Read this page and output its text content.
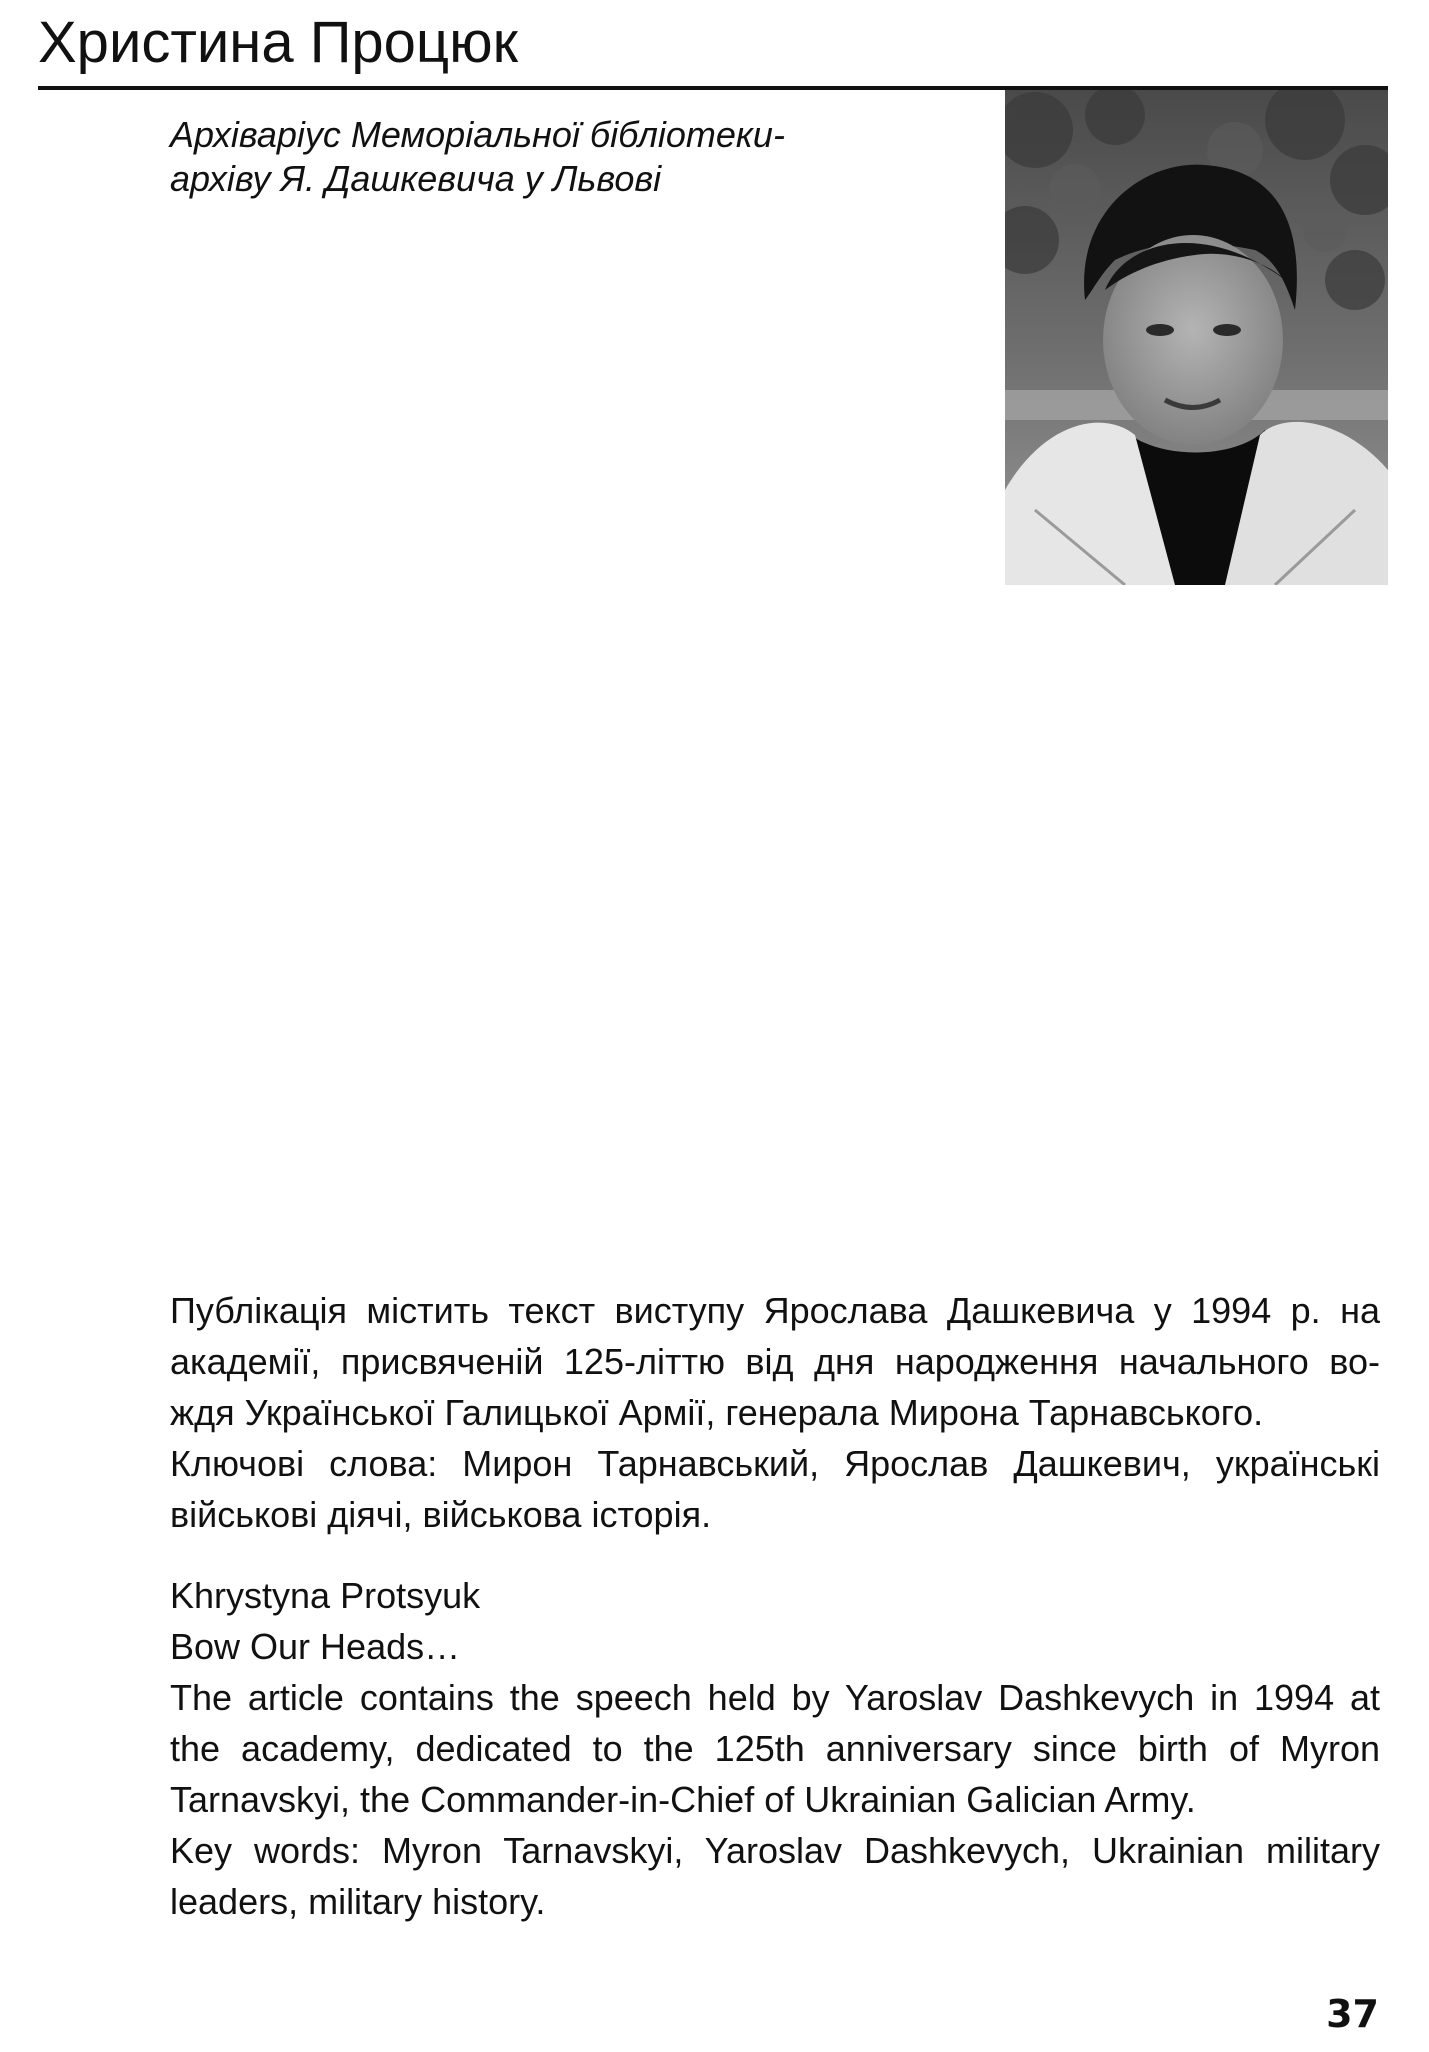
Христина Процюк
Архіваріус Меморіальної бібліотеки-
архіву Я. Дашкевича у Львові
Публікація містить текст виступу Ярослава Дашкевича у 1994 р. на
академії, присвяченій 125-літтю від дня народження начального во-
ждя Української Галицької Армії, генерала Мирона Тарнавського.
Ключові слова: Мирон Тарнавський, Ярослав Дашкевич, українські
військові діячі, військова історія.
Khrystyna Protsyuk
Bow Our Heads…
The article contains the speech held by Yaroslav Dashkevych in 1994 at
the academy, dedicated to the 125th anniversary since birth of Myron
Tarnavskyi, the Commander-in-Chief of Ukrainian Galician Army.
Key words: Myron Tarnavskyi, Yaroslav Dashkevych, Ukrainian military
leaders, military history.
37
